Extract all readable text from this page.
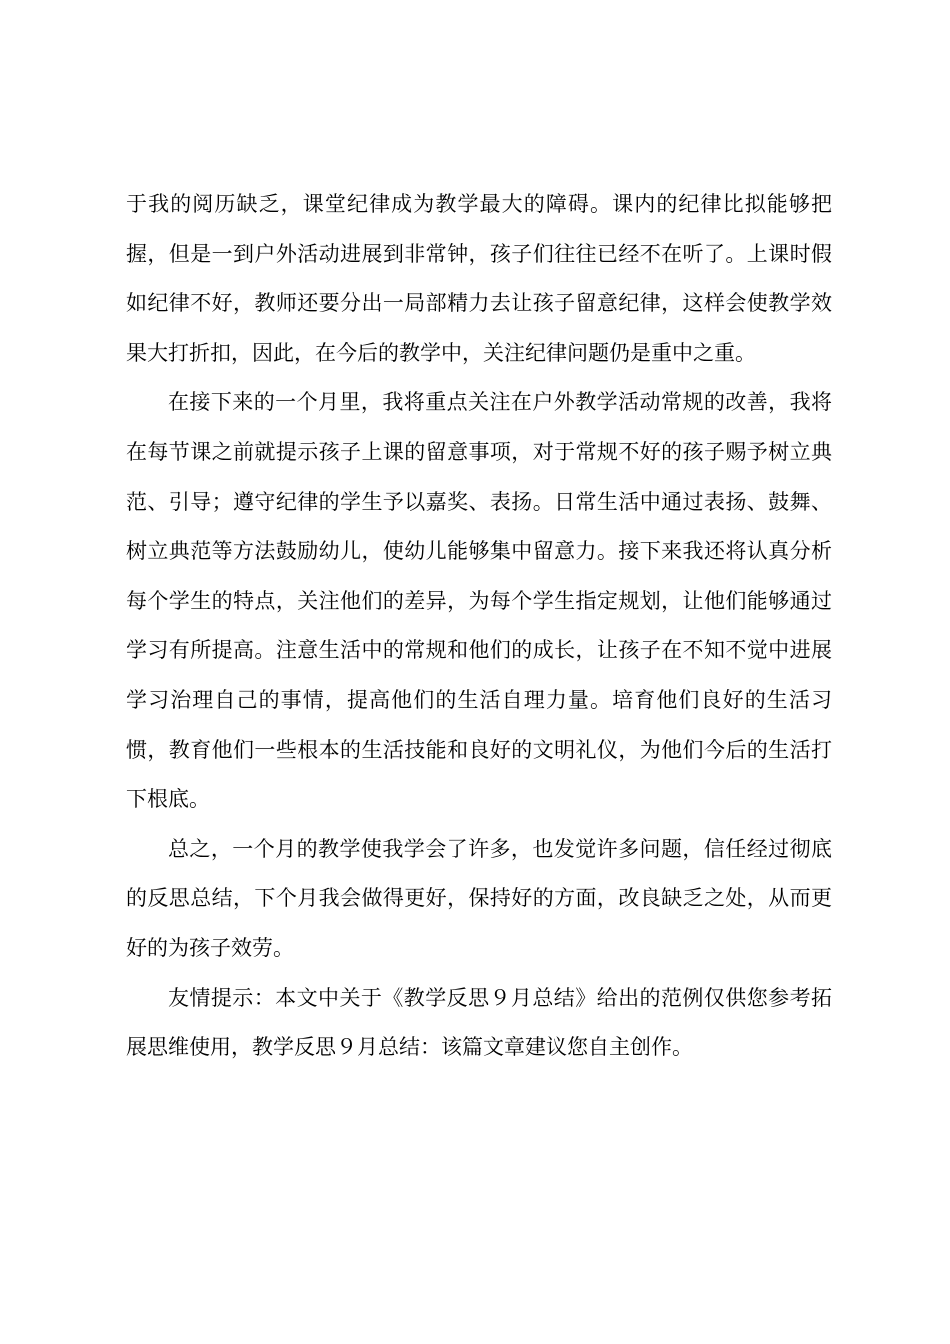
于我的阅历缺乏，课堂纪律成为教学最大的障碍。课内的纪律比拟能够把握，但是一到户外活动进展到非常钟，孩子们往往已经不在听了。上课时假如纪律不好，教师还要分出一局部精力去让孩子留意纪律，这样会使教学效果大打折扣，因此，在今后的教学中，关注纪律问题仍是重中之重。

在接下来的一个月里，我将重点关注在户外教学活动常规的改善，我将在每节课之前就提示孩子上课的留意事项，对于常规不好的孩子赐予树立典范、引导；遵守纪律的学生予以嘉奖、表扬。日常生活中通过表扬、鼓舞、树立典范等方法鼓励幼儿，使幼儿能够集中留意力。接下来我还将认真分析每个学生的特点，关注他们的差异，为每个学生指定规划，让他们能够通过学习有所提高。注意生活中的常规和他们的成长，让孩子在不知不觉中进展学习治理自己的事情，提高他们的生活自理力量。培育他们良好的生活习惯，教育他们一些根本的生活技能和良好的文明礼仪，为他们今后的生活打下根底。

总之，一个月的教学使我学会了许多，也发觉许多问题，信任经过彻底的反思总结，下个月我会做得更好，保持好的方面，改良缺乏之处，从而更好的为孩子效劳。

友情提示：本文中关于《教学反思９月总结》给出的范例仅供您参考拓展思维使用，教学反思９月总结：该篇文章建议您自主创作。
